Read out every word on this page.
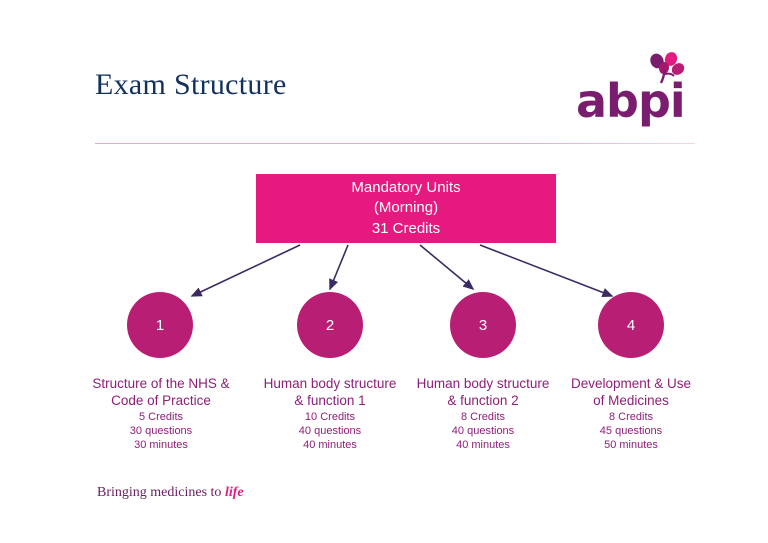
Exam Structure	abpi
Mandatory Units
(Morning)
31 Credits
1	2	3	4
Structure of the NHS &
Code of Practice
5 Credits
30 questions
30 minutes
Human body structure
& function 1
10 Credits
40 questions
40 minutes
Human body structure
& function 2
8 Credits
40 questions
40 minutes
Development & Use
of Medicines
8 Credits
45 questions
50 minutes
Bringing medicines to life
